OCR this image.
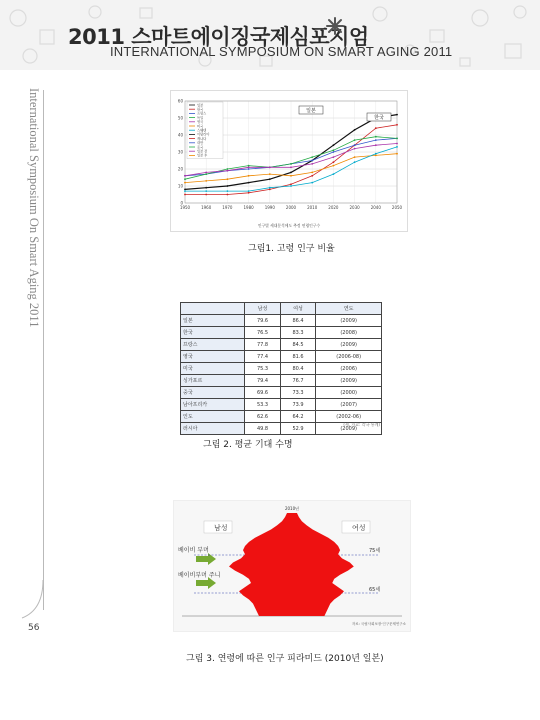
2011 스마트에이징국제심포지엄
INTERNATIONAL SYMPOSIUM ON SMART AGING 2011
International Symposium On Smart Aging 2011
56
0
10
20
30
40
50
60
1950	1960	1970	1980	1990	2000	2010	2020	2030	2040	2050
일본
한국
프랑스
독일
영국
미국
스웨덴
이탈리아
캐나다
대만
중국
일본 전
일본 후
일본
한국
인구별 세대분석에도 추정 연령인구수
그림1. 고령 인구 비율
	남성	여성	연도
일본	79.6	86.4	(2009)
한국	76.5	83.3	(2008)
프랑스	77.8	84.5	(2009)
영국	77.4	81.6	(2006-08)
미국	75.3	80.4	(2006)
싱가포르	79.4	76.7	(2009)
중국	69.6	73.3	(2000)
남아프리카	53.3	73.9	(2007)
인도	62.6	64.2	(2002-06)
러시아	49.8	52.9	(2009)
(세, 자료: 각국 통계)
그림 2. 평균 기대 수명
2010년
남성	여성
베이비 부머
베이비부머 주니
75세
65세
자료: 국립사회보장·인구문제연구소
그림 3. 연령에 따른 인구 피라미드 (2010년 일본)
